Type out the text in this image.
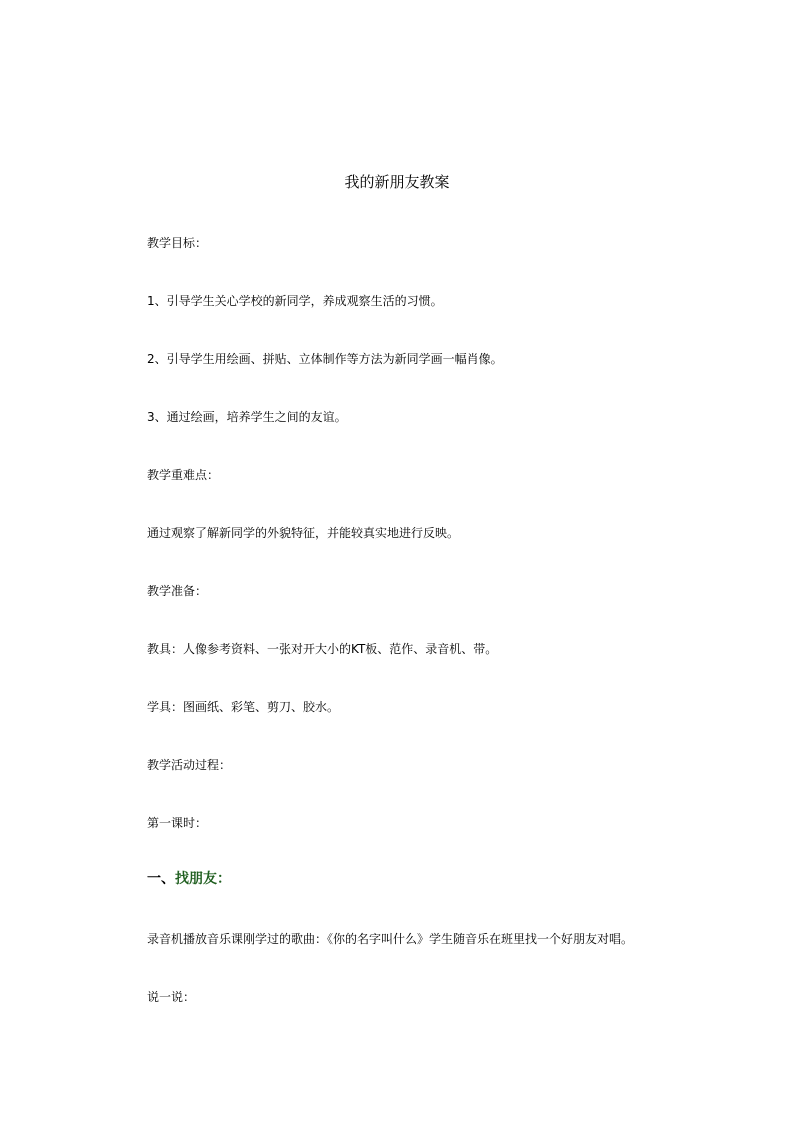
我的新朋友教案
教学目标：
1、引导学生关心学校的新同学，养成观察生活的习惯。
2、引导学生用绘画、拼贴、立体制作等方法为新同学画一幅肖像。
3、通过绘画，培养学生之间的友谊。
教学重难点：
通过观察了解新同学的外貌特征，并能较真实地进行反映。
教学准备：
教具：人像参考资料、一张对开大小的KT板、范作、录音机、带。
学具：图画纸、彩笔、剪刀、胶水。
教学活动过程：
第一课时：
一、找朋友：
录音机播放音乐课刚学过的歌曲：《你的名字叫什么》学生随音乐在班里找一个好朋友对唱。
说一说：
